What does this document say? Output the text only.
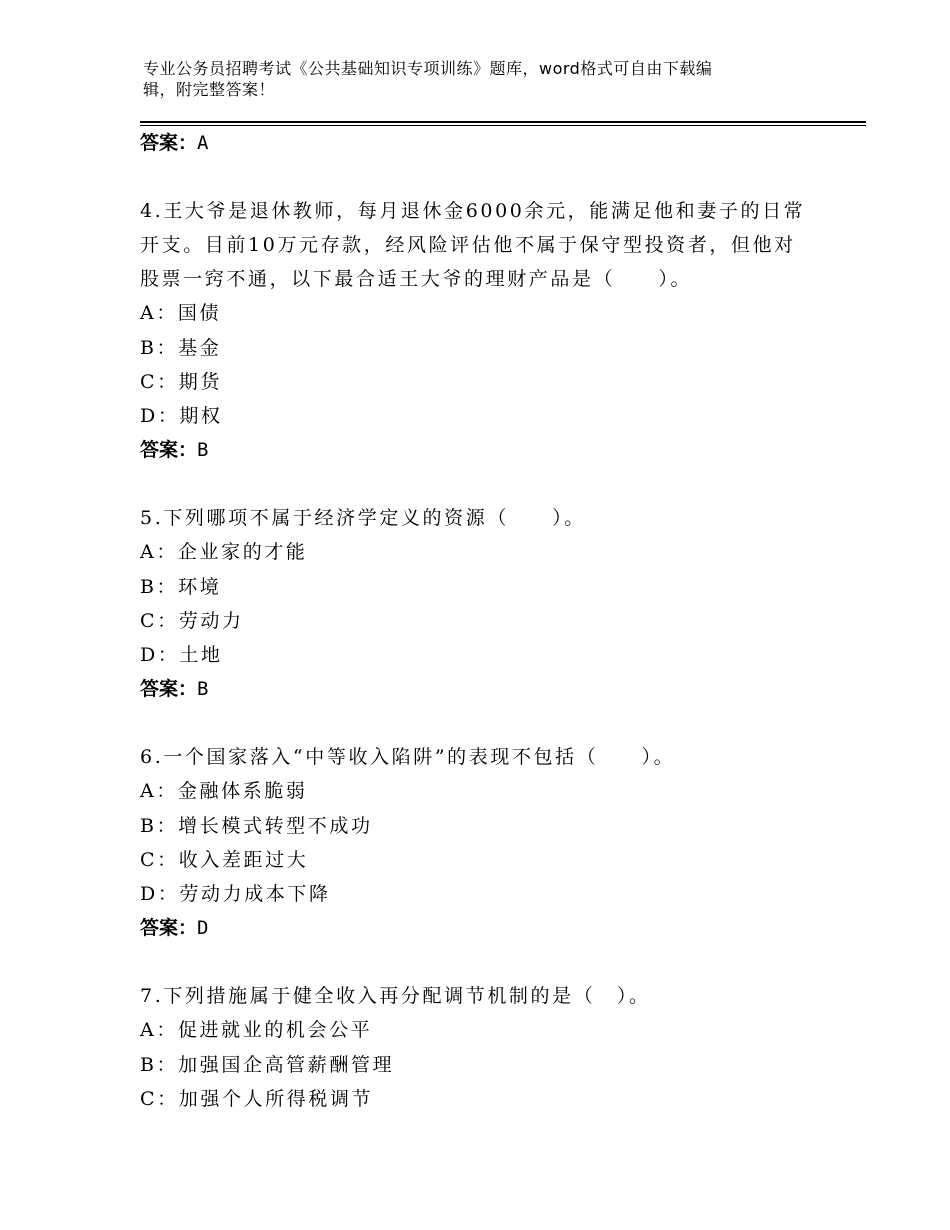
专业公务员招聘考试《公共基础知识专项训练》题库，word格式可自由下载编
辑，附完整答案！
答案：A
4.王大爷是退休教师，每月退休金6000余元，能满足他和妻子的日常
开支。目前10万元存款，经风险评估他不属于保守型投资者，但他对
股票一窍不通，以下最合适王大爷的理财产品是（　　）。
A：国债
B：基金
C：期货
D：期权
答案：B
5.下列哪项不属于经济学定义的资源（　　）。
A：企业家的才能
B：环境
C：劳动力
D：土地
答案：B
6.一个国家落入“中等收入陷阱”的表现不包括（　　）。
A：金融体系脆弱
B：增长模式转型不成功
C：收入差距过大
D：劳动力成本下降
答案：D
7.下列措施属于健全收入再分配调节机制的是（　）。
A：促进就业的机会公平
B：加强国企高管薪酬管理
C：加强个人所得税调节
